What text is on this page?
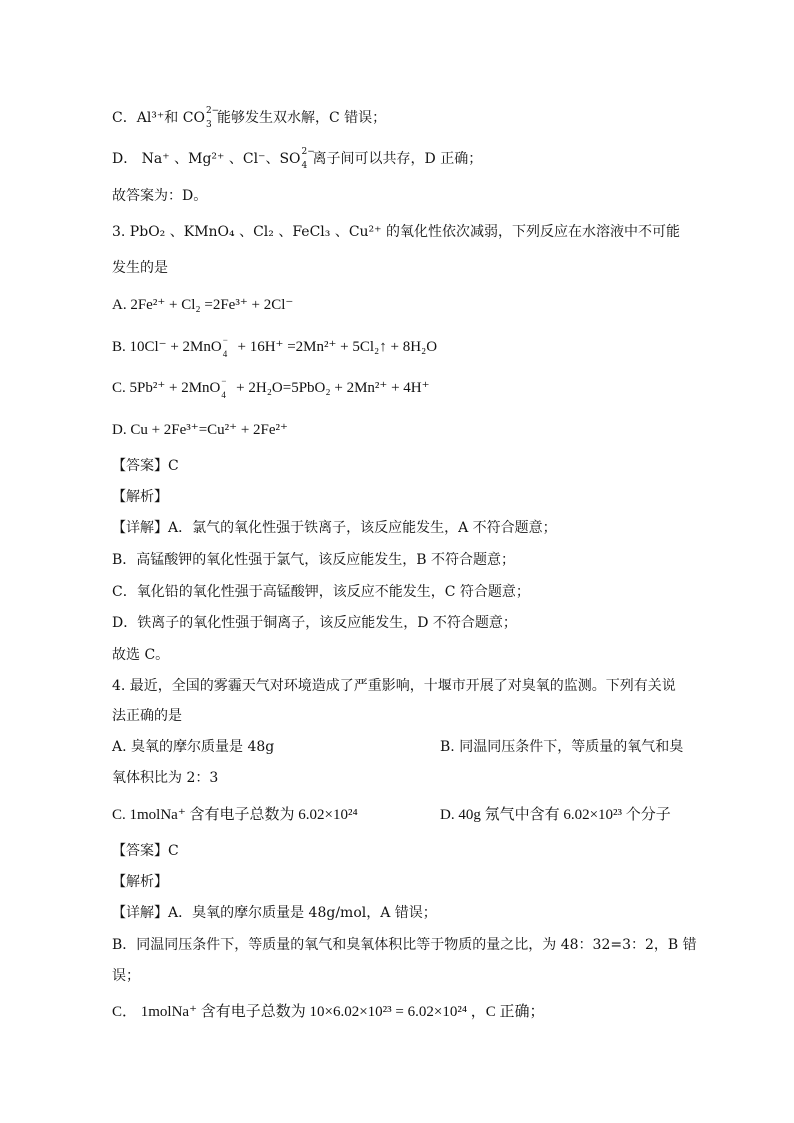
C．Al³⁺和 CO 2−
3 能够发生双水解，C 错误；
D． Na⁺ 、Mg²⁺ 、Cl⁻、SO 2−
4 离子间可以共存，D 正确；
故答案为：D。
3. PbO₂ 、KMnO₄ 、Cl₂ 、FeCl₃ 、Cu²⁺ 的氧化性依次减弱，下列反应在水溶液中不可能
发生的是
A. 2Fe²⁺ + Cl₂ =2Fe³⁺ + 2Cl⁻
B. 10Cl⁻ + 2MnO −
4 + 16H⁺ =2Mn²⁺ + 5Cl₂↑ + 8H₂O
C. 5Pb²⁺ + 2MnO −
4 + 2H₂O=5PbO₂ + 2Mn²⁺ + 4H⁺
D. Cu + 2Fe³⁺=Cu²⁺ + 2Fe²⁺
【答案】C
【解析】
【详解】A．氯气的氧化性强于铁离子，该反应能发生，A 不符合题意；
B．高锰酸钾的氧化性强于氯气，该反应能发生，B 不符合题意；
C．氧化铅的氧化性强于高锰酸钾，该反应不能发生，C 符合题意；
D．铁离子的氧化性强于铜离子，该反应能发生，D 不符合题意；
故选 C。
4. 最近，全国的雾霾天气对环境造成了严重影响，十堰市开展了对臭氧的监测。下列有关说
法正确的是
A. 臭氧的摩尔质量是 48g	B. 同温同压条件下，等质量的氧气和臭
氧体积比为 2：3
C. 1molNa⁺ 含有电子总数为 6.02×10²⁴	D. 40g 氖气中含有 6.02×10²³ 个分子
【答案】C
【解析】
【详解】A．臭氧的摩尔质量是 48g/mol，A 错误；
B．同温同压条件下，等质量的氧气和臭氧体积比等于物质的量之比，为 48：32=3：2，B 错
误；
C． 1molNa⁺ 含有电子总数为 10×6.02×10²³ = 6.02×10²⁴ ，C 正确；
